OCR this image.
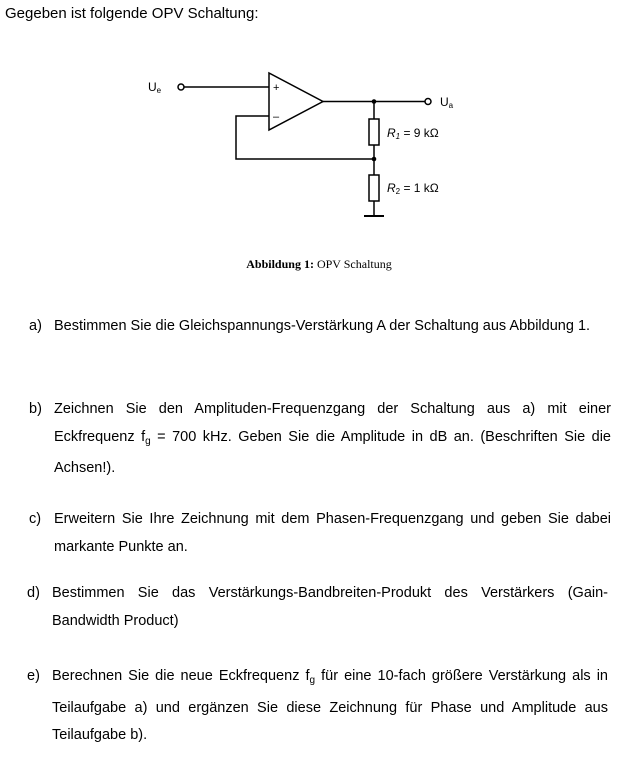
Gegeben ist folgende OPV Schaltung:
+
–
Ue
Ua
R1 = 9 kΩ
R2 = 1 kΩ
Abbildung 1: OPV Schaltung
a) Bestimmen Sie die Gleichspannungs-Verstärkung A der Schaltung aus Abbildung 1.
b) Zeichnen Sie den Amplituden-Frequenzgang der Schaltung aus a) mit einer Eckfrequenz $f_g = 700$ kHz. Geben Sie die Amplitude in dB an. (Beschriften Sie die Achsen!).
c) Erweitern Sie Ihre Zeichnung mit dem Phasen-Frequenzgang und geben Sie dabei markante Punkte an.
d) Bestimmen Sie das Verstärkungs-Bandbreiten-Produkt des Verstärkers (Gain-Bandwidth Product)
e) Berechnen Sie die neue Eckfrequenz $f_g$ für eine 10-fach größere Verstärkung als in Teilaufgabe a) und ergänzen Sie diese Zeichnung für Phase und Amplitude aus Teilaufgabe b).
